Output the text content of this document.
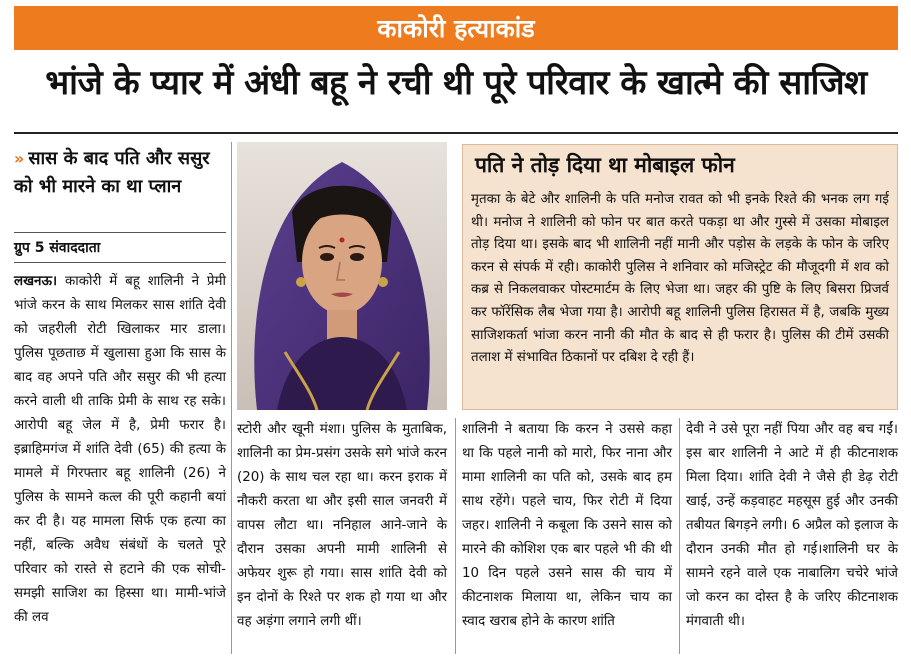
काकोरी हत्याकांड
भांजे के प्यार में अंधी बहू ने रची थी पूरे परिवार के खात्मे की साजिश
» सास के बाद पति और ससुर को भी मारने का था प्लान
ग्रुप 5 संवाददाता
लखनऊ। काकोरी में बहू शालिनी ने प्रेमी भांजे करन के साथ मिलकर सास शांति देवी को जहरीली रोटी खिलाकर मार डाला। पुलिस पूछताछ में खुलासा हुआ कि सास के बाद वह अपने पति और ससुर की भी हत्या करने वाली थी ताकि प्रेमी के साथ रह सके। आरोपी बहू जेल में है, प्रेमी फरार है। इब्राहिमगंज में शांति देवी (65) की हत्या के मामले में गिरफ्तार बहू शालिनी (26) ने पुलिस के सामने कत्ल की पूरी कहानी बयां कर दी है। यह मामला सिर्फ एक हत्या का नहीं, बल्कि अवैध संबंधों के चलते पूरे परिवार को रास्ते से हटाने की एक सोची-समझी साजिश का हिस्सा था। मामी-भांजे की लव
पति ने तोड़ दिया था मोबाइल फोन
मृतका के बेटे और शालिनी के पति मनोज रावत को भी इनके रिश्ते की भनक लग गई थी। मनोज ने शालिनी को फोन पर बात करते पकड़ा था और गुस्से में उसका मोबाइल तोड़ दिया था। इसके बाद भी शालिनी नहीं मानी और पड़ोस के लड़के के फोन के जरिए करन से संपर्क में रही। काकोरी पुलिस ने शनिवार को मजिस्ट्रेट की मौजूदगी में शव को कब्र से निकलवाकर पोस्टमार्टम के लिए भेजा था। जहर की पुष्टि के लिए बिसरा प्रिजर्व कर फॉरेंसिक लैब भेजा गया है। आरोपी बहू शालिनी पुलिस हिरासत में है, जबकि मुख्य साजिशकर्ता भांजा करन नानी की मौत के बाद से ही फरार है। पुलिस की टीमें उसकी तलाश में संभावित ठिकानों पर दबिश दे रही हैं।
स्टोरी और खूनी मंशा। पुलिस के मुताबिक, शालिनी का प्रेम-प्रसंग उसके सगे भांजे करन (20) के साथ चल रहा था। करन इराक में नौकरी करता था और इसी साल जनवरी में वापस लौटा था। ननिहाल आने-जाने के दौरान उसका अपनी मामी शालिनी से अफेयर शुरू हो गया। सास शांति देवी को इन दोनों के रिश्ते पर शक हो गया था और वह अड़ंगा लगाने लगी थीं।
शालिनी ने बताया कि करन ने उससे कहा था कि पहले नानी को मारो, फिर नाना और मामा शालिनी का पति को, उसके बाद हम साथ रहेंगे। पहले चाय, फिर रोटी में दिया जहर। शालिनी ने कबूला कि उसने सास को मारने की कोशिश एक बार पहले भी की थी 10 दिन पहले उसने सास की चाय में कीटनाशक मिलाया था, लेकिन चाय का स्वाद खराब होने के कारण शांति
देवी ने उसे पूरा नहीं पिया और वह बच गईं। इस बार शालिनी ने आटे में ही कीटनाशक मिला दिया। शांति देवी ने जैसे ही डेढ़ रोटी खाई, उन्हें कड़वाहट महसूस हुई और उनकी तबीयत बिगड़ने लगी। 6 अप्रैल को इलाज के दौरान उनकी मौत हो गई।शालिनी घर के सामने रहने वाले एक नाबालिग चचेरे भांजे जो करन का दोस्त है के जरिए कीटनाशक मंगवाती थी।
